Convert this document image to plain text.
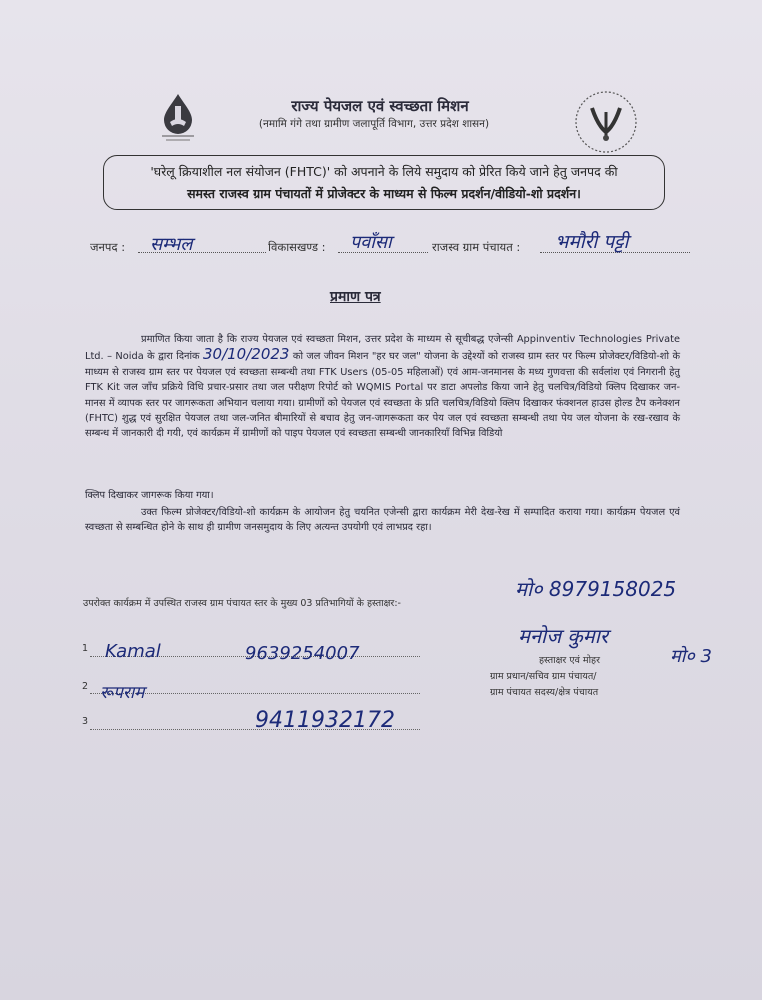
राज्य पेयजल एवं स्वच्छता मिशन
(नमामि गंगे तथा ग्रामीण जलापूर्ति विभाग, उत्तर प्रदेश शासन)
'घरेलू क्रियाशील नल संयोजन (FHTC)' को अपनाने के लिये समुदाय को प्रेरित किये जाने हेतु जनपद की
समस्त राजस्व ग्राम पंचायतों में प्रोजेक्टर के माध्यम से फिल्म प्रदर्शन/वीडियो-शो प्रदर्शन।
जनपद : सम्भल	विकासखण्ड : पवाँसा	राजस्व ग्राम पंचायत : भमौरी पट्टी
प्रमाण पत्र
प्रमाणित किया जाता है कि राज्य पेयजल एवं स्वच्छता मिशन, उत्तर प्रदेश के माध्यम से सूचीबद्ध एजेन्सी Appinventiv Technologies Private Ltd. – Noida के द्वारा दिनांक 30/10/2023 को जल जीवन मिशन "हर घर जल" योजना के उद्देश्यों को राजस्व ग्राम स्तर पर फिल्म प्रोजेक्टर/विडियो-शो के माध्यम से राजस्व ग्राम स्तर पर पेयजल एवं स्वच्छता सम्बन्धी तथा FTK Users (05-05 महिलाओं) एवं आम-जनमानस के मध्य गुणवत्ता की सर्वलांश एवं निगरानी हेतु FTK Kit जल जाँच प्रक्रिये विधि प्रचार-प्रसार तथा जल परीक्षण रिपोर्ट को WQMIS Portal पर डाटा अपलोड किया जाने हेतु चलचित्र/विडियो क्लिप दिखाकर जन-मानस में व्यापक स्तर पर जागरूकता अभियान चलाया गया। ग्रामीणों को पेयजल एवं स्वच्छता के प्रति चलचित्र/विडियो क्लिप दिखाकर फंक्शनल हाउस होल्ड टैप कनेक्शन (FHTC) शुद्ध एवं सुरक्षित पेयजल तथा जल-जनित बीमारियों से बचाव हेतु जन-जागरूकता कर पेय जल एवं स्वच्छता सम्बन्धी तथा पेय जल योजना के रख-रखाव के सम्बन्ध में जानकारी दी गयी, एवं कार्यक्रम में ग्रामीणों को पाइप पेयजल एवं स्वच्छता सम्बन्धी जानकारियाँ विभिन्न विडियो
क्लिप दिखाकर जागरूक किया गया।
उक्त फिल्म प्रोजेक्टर/विडियो-शो कार्यक्रम के आयोजन हेतु चयनित एजेन्सी द्वारा कार्यक्रम मेरी देख-रेख में सम्पादित कराया गया। कार्यक्रम पेयजल एवं स्वच्छता से सम्बन्धित होने के साथ ही ग्रामीण जनसमुदाय के लिए अत्यन्त उपयोगी एवं लाभप्रद रहा।
उपरोक्त कार्यक्रम में उपस्थित राजस्व ग्राम पंचायत स्तर के मुख्य 03 प्रतिभागियों के हस्ताक्षर:-
1 Kamal	9639254007
2 रूपराम
3	9411932172
मो० 8979158025
मनोज कुमार
मो० 3
हस्ताक्षर एवं मोहर
ग्राम प्रधान/सचिव ग्राम पंचायत/
ग्राम पंचायत सदस्य/क्षेत्र पंचायत
